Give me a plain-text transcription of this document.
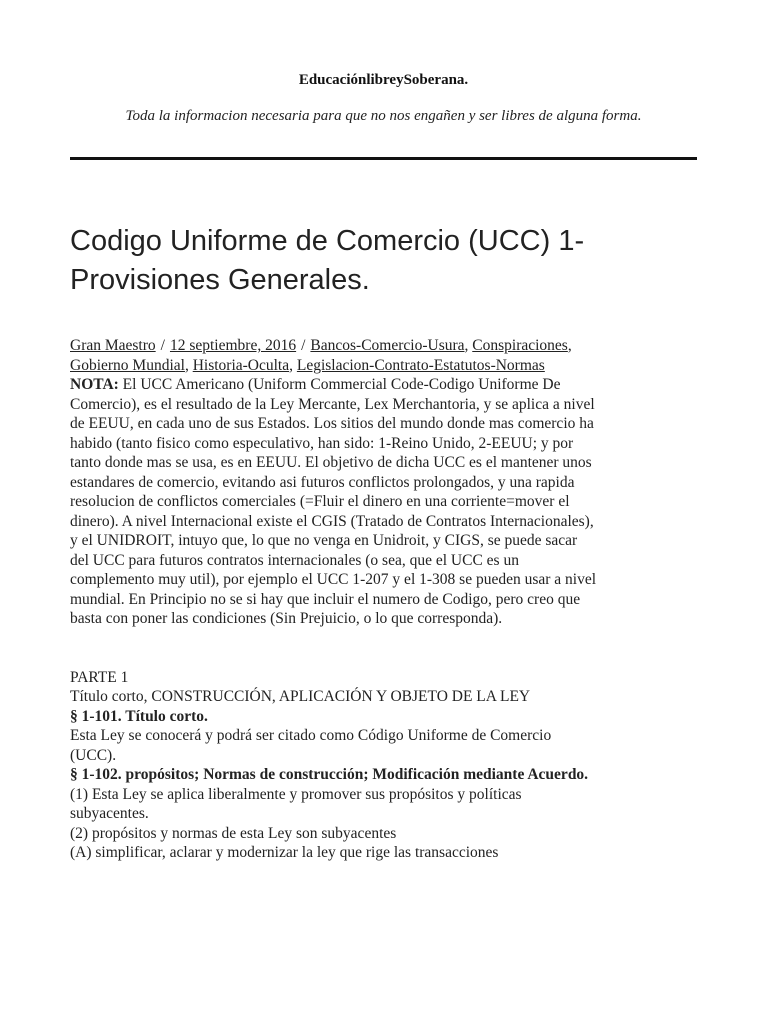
EducaciónlibreySoberana.
Toda la informacion necesaria para que no nos engañen y ser libres de alguna forma.
Codigo Uniforme de Comercio (UCC) 1-Provisiones Generales.
Gran Maestro / 12 septiembre, 2016 / Bancos-Comercio-Usura, Conspiraciones, Gobierno Mundial, Historia-Oculta, Legislacion-Contrato-Estatutos-Normas

NOTA: El UCC Americano (Uniform Commercial Code-Codigo Uniforme De Comercio), es el resultado de la Ley Mercante, Lex Merchantoria, y se aplica a nivel de EEUU, en cada uno de sus Estados. Los sitios del mundo donde mas comercio ha habido (tanto fisico como especulativo, han sido: 1-Reino Unido, 2-EEUU; y por tanto donde mas se usa, es en EEUU. El objetivo de dicha UCC es el mantener unos estandares de comercio, evitando asi futuros conflictos prolongados, y una rapida resolucion de conflictos comerciales (=Fluir el dinero en una corriente=mover el dinero). A nivel Internacional existe el CGIS (Tratado de Contratos Internacionales), y el UNIDROIT, intuyo que, lo que no venga en Unidroit, y CIGS, se puede sacar del UCC para futuros contratos internacionales (o sea, que el UCC es un complemento muy util), por ejemplo el UCC 1-207 y el 1-308 se pueden usar a nivel mundial. En Principio no se si hay que incluir el numero de Codigo, pero creo que basta con poner las condiciones (Sin Prejuicio, o lo que corresponda).

PARTE 1

Título corto, CONSTRUCCIÓN, APLICACIÓN Y OBJETO DE LA LEY

§ 1-101. Título corto.

Esta Ley se conocerá y podrá ser citado como Código Uniforme de Comercio (UCC).

§ 1-102. propósitos; Normas de construcción; Modificación mediante Acuerdo.

(1) Esta Ley se aplica liberalmente y promover sus propósitos y políticas subyacentes.

(2) propósitos y normas de esta Ley son subyacentes

(A) simplificar, aclarar y modernizar la ley que rige las transacciones
